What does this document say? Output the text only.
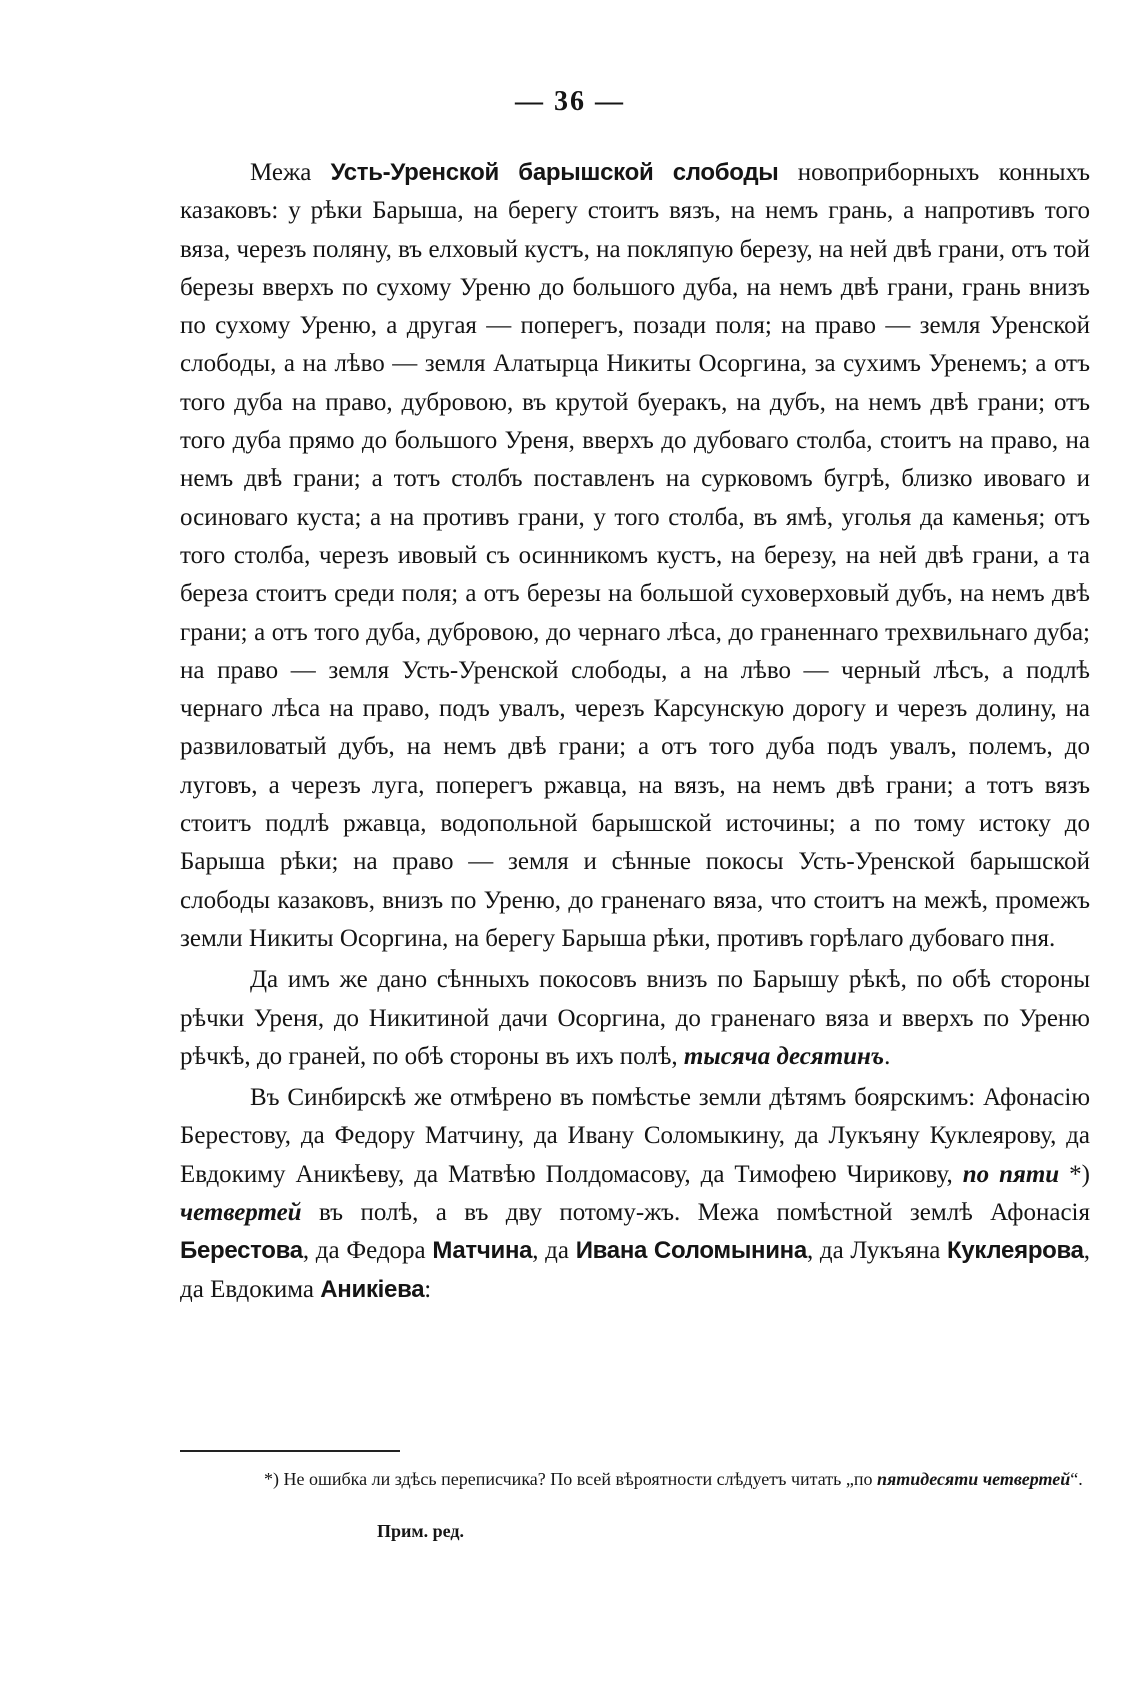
— 36 —

Межа Усть-Уренской барышской слободы новоприборныхъ конныхъ казаковъ: у рѣки Барыша, на берегу стоитъ вязъ, на немъ грань, а напротивъ того вяза, черезъ поляну, въ елховый кустъ, на покляпую березу, на ней двѣ грани, отъ той березы вверхъ по сухому Уреню до большого дуба, на немъ двѣ грани, грань внизъ по сухому Уреню, а другая — поперегъ, позади поля; на право — земля Уренской слободы, а на лѣво — земля Алатырца Никиты Осоргина, за сухимъ Уренемъ; а отъ того дуба на право, дубровою, въ крутой буеракъ, на дубъ, на немъ двѣ грани; отъ того дуба прямо до большого Уреня, вверхъ до дубоваго столба, стоитъ на право, на немъ двѣ грани; а тотъ столбъ поставленъ на сурковомъ бугрѣ, близко ивоваго и осиноваго куста; а на противъ грани, у того столба, въ ямѣ, уголья да каменья; отъ того столба, черезъ ивовый съ осинникомъ кустъ, на березу, на ней двѣ грани, а та береза стоитъ среди поля; а отъ березы на большой суховерховый дубъ, на немъ двѣ грани; а отъ того дуба, дубровою, до чернаго лѣса, до граненнаго трехвильнаго дуба; на право — земля Усть-Уренской слободы, а на лѣво — черный лѣсъ, а подлѣ чернаго лѣса на право, подъ увалъ, черезъ Карсунскую дорогу и черезъ долину, на развиловатый дубъ, на немъ двѣ грани; а отъ того дуба подъ увалъ, полемъ, до луговъ, а черезъ луга, поперегъ ржавца, на вязъ, на немъ двѣ грани; а тотъ вязъ стоитъ подлѣ ржавца, водопольной барышской источины; а по тому истоку до Барыша рѣки; на право — земля и сѣнные покосы Усть-Уренской барышской слободы казаковъ, внизъ по Уреню, до граненаго вяза, что стоитъ на межѣ, промежъ земли Никиты Осоргина, на берегу Барыша рѣки, противъ горѣлаго дубоваго пня.

Да имъ же дано сѣнныхъ покосовъ внизъ по Барышу рѣкѣ, по обѣ стороны рѣчки Уреня, до Никитиной дачи Осоргина, до граненаго вяза и вверхъ по Уреню рѣчкѣ, до граней, по обѣ стороны въ ихъ полѣ, тысяча десятинъ.

Въ Синбирскѣ же отмѣрено въ помѣстье земли дѣтямъ боярскимъ: Афонасію Берестову, да Федору Матчину, да Ивану Соломыкину, да Лукъяну Куклеярову, да Евдокиму Аникѣеву, да Матвѣю Полдомасову, да Тимофею Чирикову, по пяти *) четвертей въ полѣ, а въ дву потому-жъ. Межа помѣстной землѣ Афонасія Берестова, да Федора Матчина, да Ивана Соломынина, да Лукъяна Куклеярова, да Евдокима Аникіева:

*) Не ошибка ли здѣсь переписчика? По всей вѣроятности слѣдуетъ читать „по пятидесяти четвертей“.

Прим. ред.
